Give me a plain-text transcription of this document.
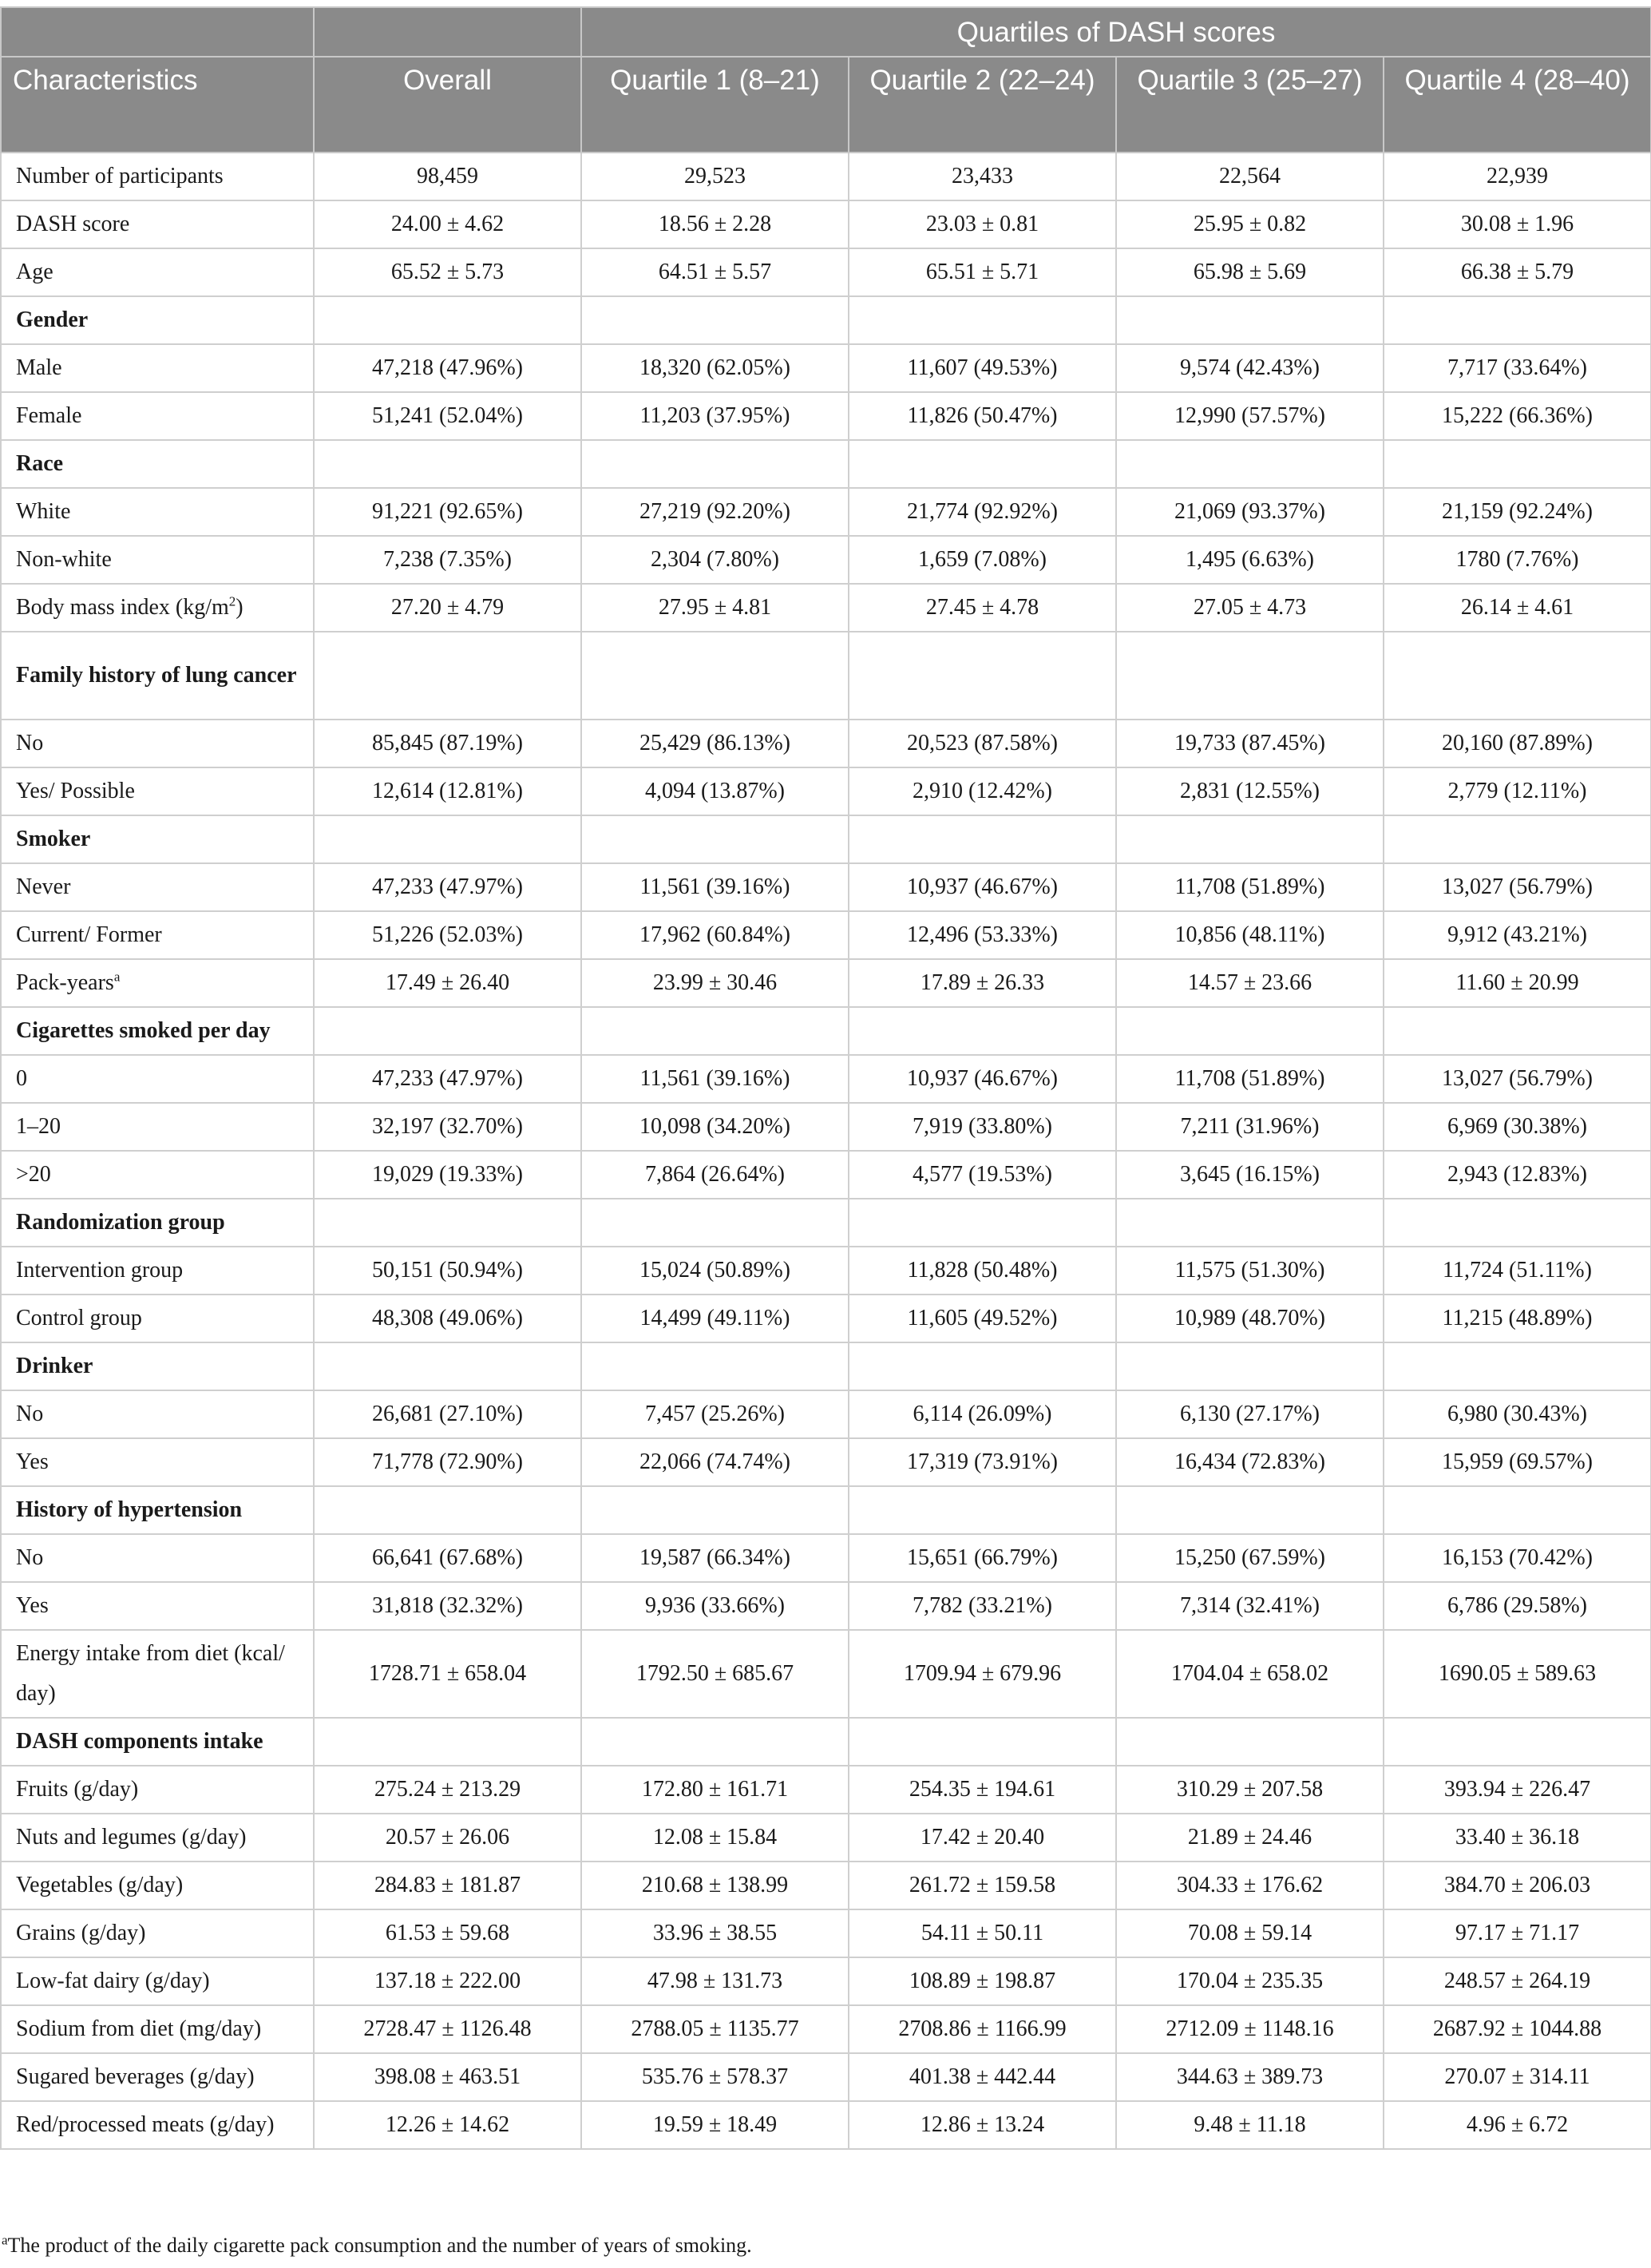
		Quartiles of DASH scores			
Characteristics	Overall	Quartile 1 (8–21)	Quartile 2 (22–24)	Quartile 3 (25–27)	Quartile 4 (28–40)
Number of participants	98,459	29,523	23,433	22,564	22,939
DASH score	24.00 ± 4.62	18.56 ± 2.28	23.03 ± 0.81	25.95 ± 0.82	30.08 ± 1.96
Age	65.52 ± 5.73	64.51 ± 5.57	65.51 ± 5.71	65.98 ± 5.69	66.38 ± 5.79
Gender					
Male	47,218 (47.96%)	18,320 (62.05%)	11,607 (49.53%)	9,574 (42.43%)	7,717 (33.64%)
Female	51,241 (52.04%)	11,203 (37.95%)	11,826 (50.47%)	12,990 (57.57%)	15,222 (66.36%)
Race					
White	91,221 (92.65%)	27,219 (92.20%)	21,774 (92.92%)	21,069 (93.37%)	21,159 (92.24%)
Non-white	7,238 (7.35%)	2,304 (7.80%)	1,659 (7.08%)	1,495 (6.63%)	1780 (7.76%)
Body mass index $(kg/m^2)$	27.20 ± 4.79	27.95 ± 4.81	27.45 ± 4.78	27.05 ± 4.73	26.14 ± 4.61
Family history of lung cancer					
No	85,845 (87.19%)	25,429 (86.13%)	20,523 (87.58%)	19,733 (87.45%)	20,160 (87.89%)
Yes/ Possible	12,614 (12.81%)	4,094 (13.87%)	2,910 (12.42%)	2,831 (12.55%)	2,779 (12.11%)
Smoker					
Never	47,233 (47.97%)	11,561 (39.16%)	10,937 (46.67%)	11,708 (51.89%)	13,027 (56.79%)
Current/ Former	51,226 (52.03%)	17,962 (60.84%)	12,496 (53.33%)	10,856 (48.11%)	9,912 (43.21%)
Pack-years$^a$	17.49 ± 26.40	23.99 ± 30.46	17.89 ± 26.33	14.57 ± 23.66	11.60 ± 20.99
Cigarettes smoked per day					
0	47,233 (47.97%)	11,561 (39.16%)	10,937 (46.67%)	11,708 (51.89%)	13,027 (56.79%)
1–20	32,197 (32.70%)	10,098 (34.20%)	7,919 (33.80%)	7,211 (31.96%)	6,969 (30.38%)
>20	19,029 (19.33%)	7,864 (26.64%)	4,577 (19.53%)	3,645 (16.15%)	2,943 (12.83%)
Randomization group					
Intervention group	50,151 (50.94%)	15,024 (50.89%)	11,828 (50.48%)	11,575 (51.30%)	11,724 (51.11%)
Control group	48,308 (49.06%)	14,499 (49.11%)	11,605 (49.52%)	10,989 (48.70%)	11,215 (48.89%)
Drinker					
No	26,681 (27.10%)	7,457 (25.26%)	6,114 (26.09%)	6,130 (27.17%)	6,980 (30.43%)
Yes	71,778 (72.90%)	22,066 (74.74%)	17,319 (73.91%)	16,434 (72.83%)	15,959 (69.57%)
History of hypertension					
No	66,641 (67.68%)	19,587 (66.34%)	15,651 (66.79%)	15,250 (67.59%)	16,153 (70.42%)
Yes	31,818 (32.32%)	9,936 (33.66%)	7,782 (33.21%)	7,314 (32.41%)	6,786 (29.58%)
Energy intake from diet (kcal/ day)	1728.71 ± 658.04	1792.50 ± 685.67	1709.94 ± 679.96	1704.04 ± 658.02	1690.05 ± 589.63
DASH components intake					
Fruits (g/day)	275.24 ± 213.29	172.80 ± 161.71	254.35 ± 194.61	310.29 ± 207.58	393.94 ± 226.47
Nuts and legumes (g/day)	20.57 ± 26.06	12.08 ± 15.84	17.42 ± 20.40	21.89 ± 24.46	33.40 ± 36.18
Vegetables (g/day)	284.83 ± 181.87	210.68 ± 138.99	261.72 ± 159.58	304.33 ± 176.62	384.70 ± 206.03
Grains (g/day)	61.53 ± 59.68	33.96 ± 38.55	54.11 ± 50.11	70.08 ± 59.14	97.17 ± 71.17
Low-fat dairy (g/day)	137.18 ± 222.00	47.98 ± 131.73	108.89 ± 198.87	170.04 ± 235.35	248.57 ± 264.19
Sodium from diet (mg/day)	2728.47 ± 1126.48	2788.05 ± 1135.77	2708.86 ± 1166.99	2712.09 ± 1148.16	2687.92 ± 1044.88
Sugared beverages (g/day)	398.08 ± 463.51	535.76 ± 578.37	401.38 ± 442.44	344.63 ± 389.73	270.07 ± 314.11
Red/processed meats (g/day)	12.26 ± 14.62	19.59 ± 18.49	12.86 ± 13.24	9.48 ± 11.18	4.96 ± 6.72
$^a$The product of the daily cigarette pack consumption and the number of years of smoking.
